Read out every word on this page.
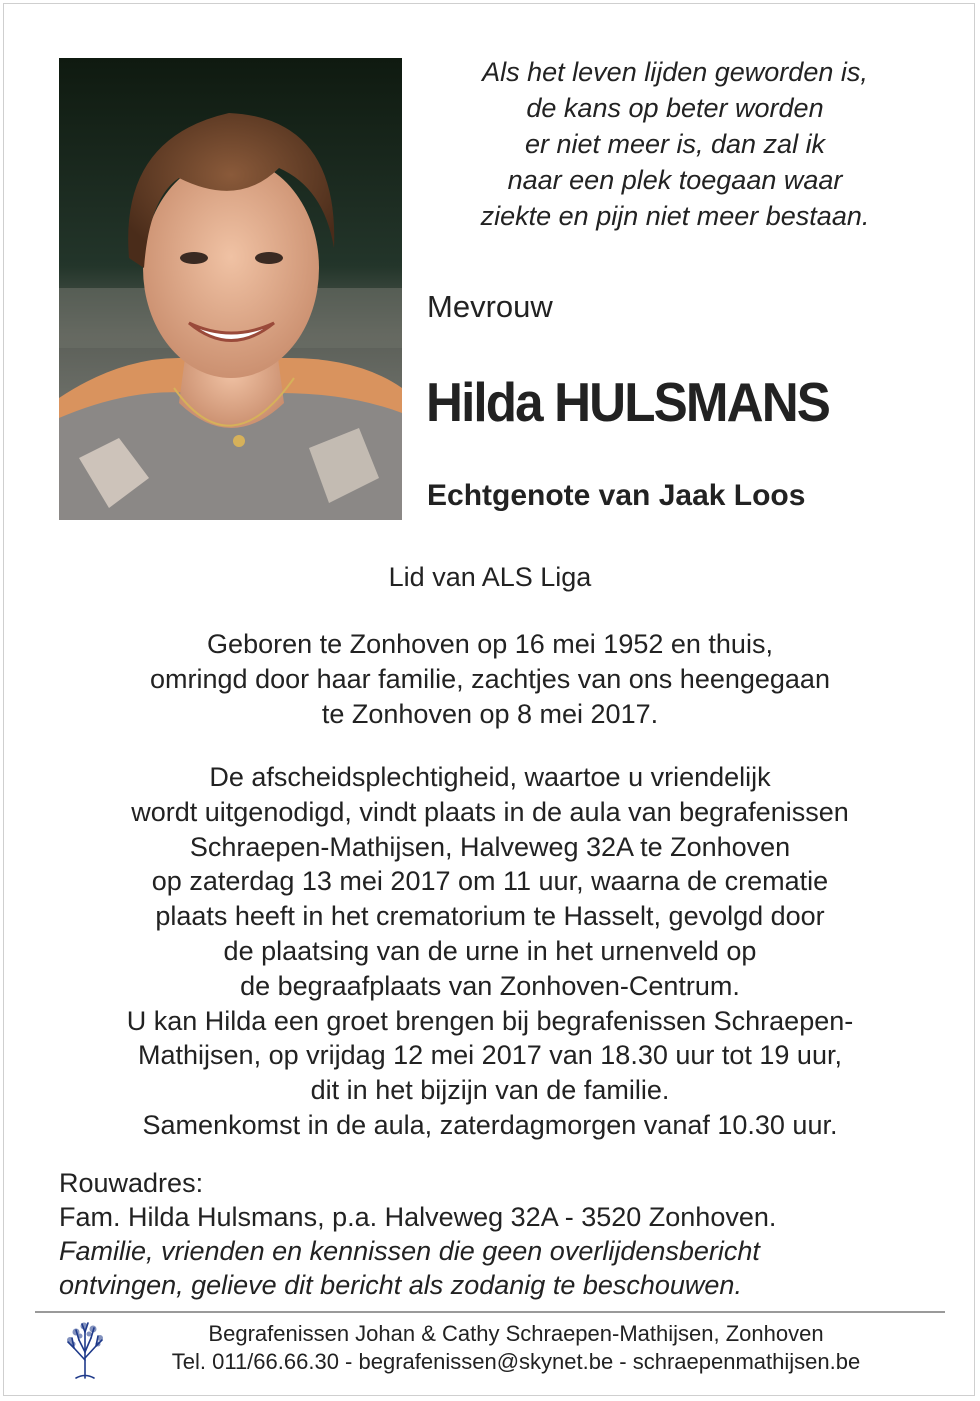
Als het leven lijden geworden is,
de kans op beter worden
er niet meer is, dan zal ik
naar een plek toegaan waar
ziekte en pijn niet meer bestaan.
Mevrouw
Hilda HULSMANS
Echtgenote van Jaak Loos
Lid van ALS Liga
Geboren te Zonhoven op 16 mei 1952 en thuis,
omringd door haar familie, zachtjes van ons heengegaan
te Zonhoven op 8 mei 2017.
De afscheidsplechtigheid, waartoe u vriendelijk
wordt uitgenodigd, vindt plaats in de aula van begrafenissen
Schraepen-Mathijsen, Halveweg 32A te Zonhoven
op zaterdag 13 mei 2017 om 11 uur, waarna de crematie
plaats heeft in het crematorium te Hasselt, gevolgd door
de plaatsing van de urne in het urnenveld op
de begraafplaats van Zonhoven-Centrum.
U kan Hilda een groet brengen bij begrafenissen Schraepen-
Mathijsen, op vrijdag 12 mei 2017 van 18.30 uur tot 19 uur,
dit in het bijzijn van de familie.
Samenkomst in de aula, zaterdagmorgen vanaf 10.30 uur.
Rouwadres:
Fam. Hilda Hulsmans, p.a. Halveweg 32A - 3520 Zonhoven.
Familie, vrienden en kennissen die geen overlijdensbericht
ontvingen, gelieve dit bericht als zodanig te beschouwen.
Begrafenissen Johan & Cathy Schraepen-Mathijsen, Zonhoven
Tel. 011/66.66.30 - begrafenissen@skynet.be - schraepenmathijsen.be
